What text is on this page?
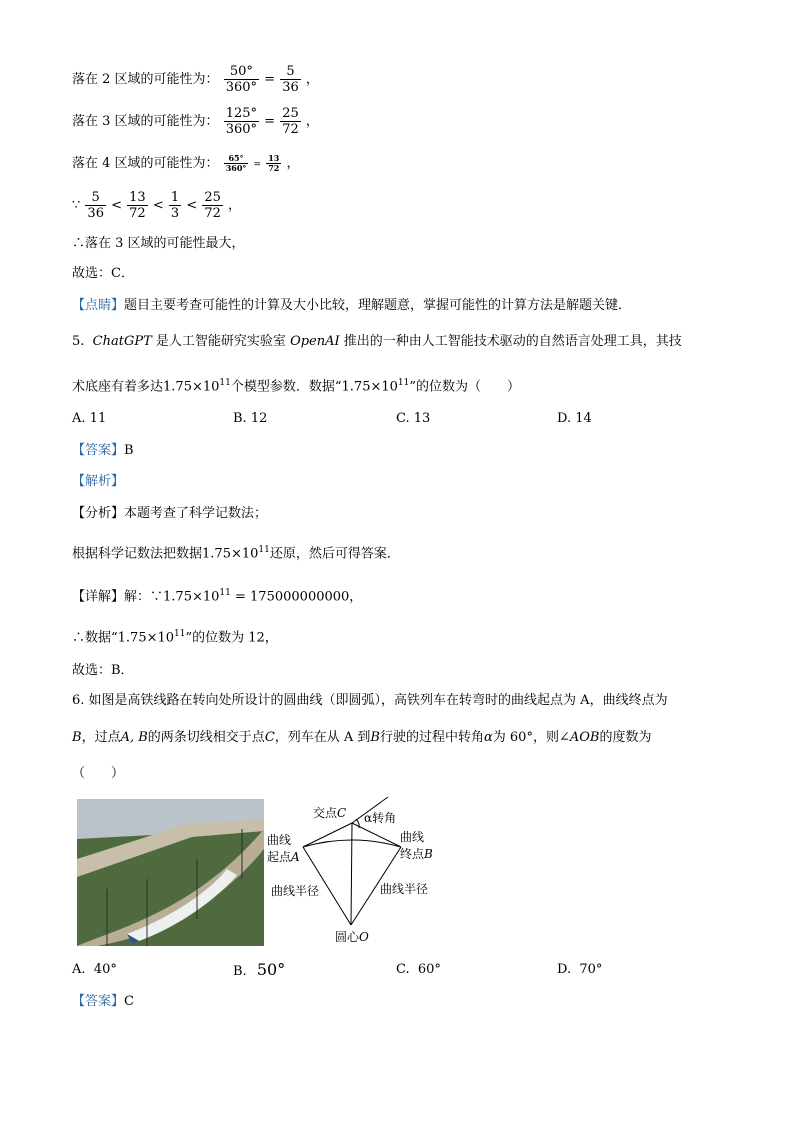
落在 2 区域的可能性为： $\frac{50^\circ}{360^\circ} = \frac{5}{36}$ ，
落在 3 区域的可能性为： $\frac{125^\circ}{360^\circ} = \frac{25}{72}$ ，
落在 4 区域的可能性为： $\frac{65^\circ}{360^\circ} = \frac{13}{72}$ ，
∵ $\frac{5}{36} < \frac{13}{72} < \frac{1}{3} < \frac{25}{72}$ ，
∴落在 3 区域的可能性最大，
故选：C．
【点睛】题目主要考查可能性的计算及大小比较，理解题意，掌握可能性的计算方法是解题关键．
5. ChatGPT 是人工智能研究实验室 OpenAI 推出的一种由人工智能技术驱动的自然语言处理工具，其技
术底座有着多达$1.75\times 10^{11}$个模型参数．数据“$1.75\times 10^{11}$”的位数为（　　）
A. 11	B. 12	C. 13	D. 14
【答案】B
【解析】
【分析】本题考查了科学记数法；
根据科学记数法把数据$1.75\times 10^{11}$还原，然后可得答案．
【详解】解：$\because 1.75\times 10^{11} = 175000000000$，
∴数据“$1.75\times 10^{11}$”的位数为 12，
故选：B．
6. 如图是高铁线路在转向处所设计的圆曲线（即圆弧），高铁列车在转弯时的曲线起点为 A，曲线终点为
B，过点A, B的两条切线相交于点C，列车在从 A 到B行驶的过程中转角α为 60°，则∠AOB的度数为
（　　）
交点C α转角
曲线
起点A
曲线
终点B
曲线半径	曲线半径
圆心O
A. 40°	B. 50°	C. 60°	D. 70°
【答案】C
